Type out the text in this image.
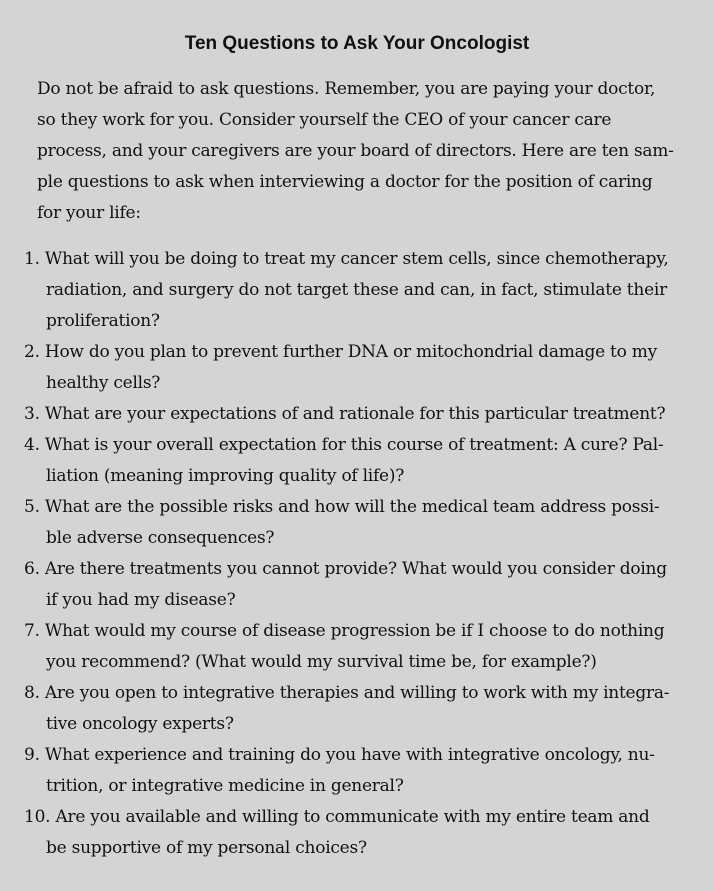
Ten Questions to Ask Your Oncologist
Do not be afraid to ask questions. Remember, you are paying your doctor,
so they work for you. Consider yourself the CEO of your cancer care
process, and your caregivers are your board of directors. Here are ten sam-
ple questions to ask when interviewing a doctor for the position of caring
for your life:
1. What will you be doing to treat my cancer stem cells, since chemotherapy,
radiation, and surgery do not target these and can, in fact, stimulate their
proliferation?
2. How do you plan to prevent further DNA or mitochondrial damage to my
healthy cells?
3. What are your expectations of and rationale for this particular treatment?
4. What is your overall expectation for this course of treatment: A cure? Pal-
liation (meaning improving quality of life)?
5. What are the possible risks and how will the medical team address possi-
ble adverse consequences?
6. Are there treatments you cannot provide? What would you consider doing
if you had my disease?
7. What would my course of disease progression be if I choose to do nothing
you recommend? (What would my survival time be, for example?)
8. Are you open to integrative therapies and willing to work with my integra-
tive oncology experts?
9. What experience and training do you have with integrative oncology, nu-
trition, or integrative medicine in general?
10. Are you available and willing to communicate with my entire team and
be supportive of my personal choices?
